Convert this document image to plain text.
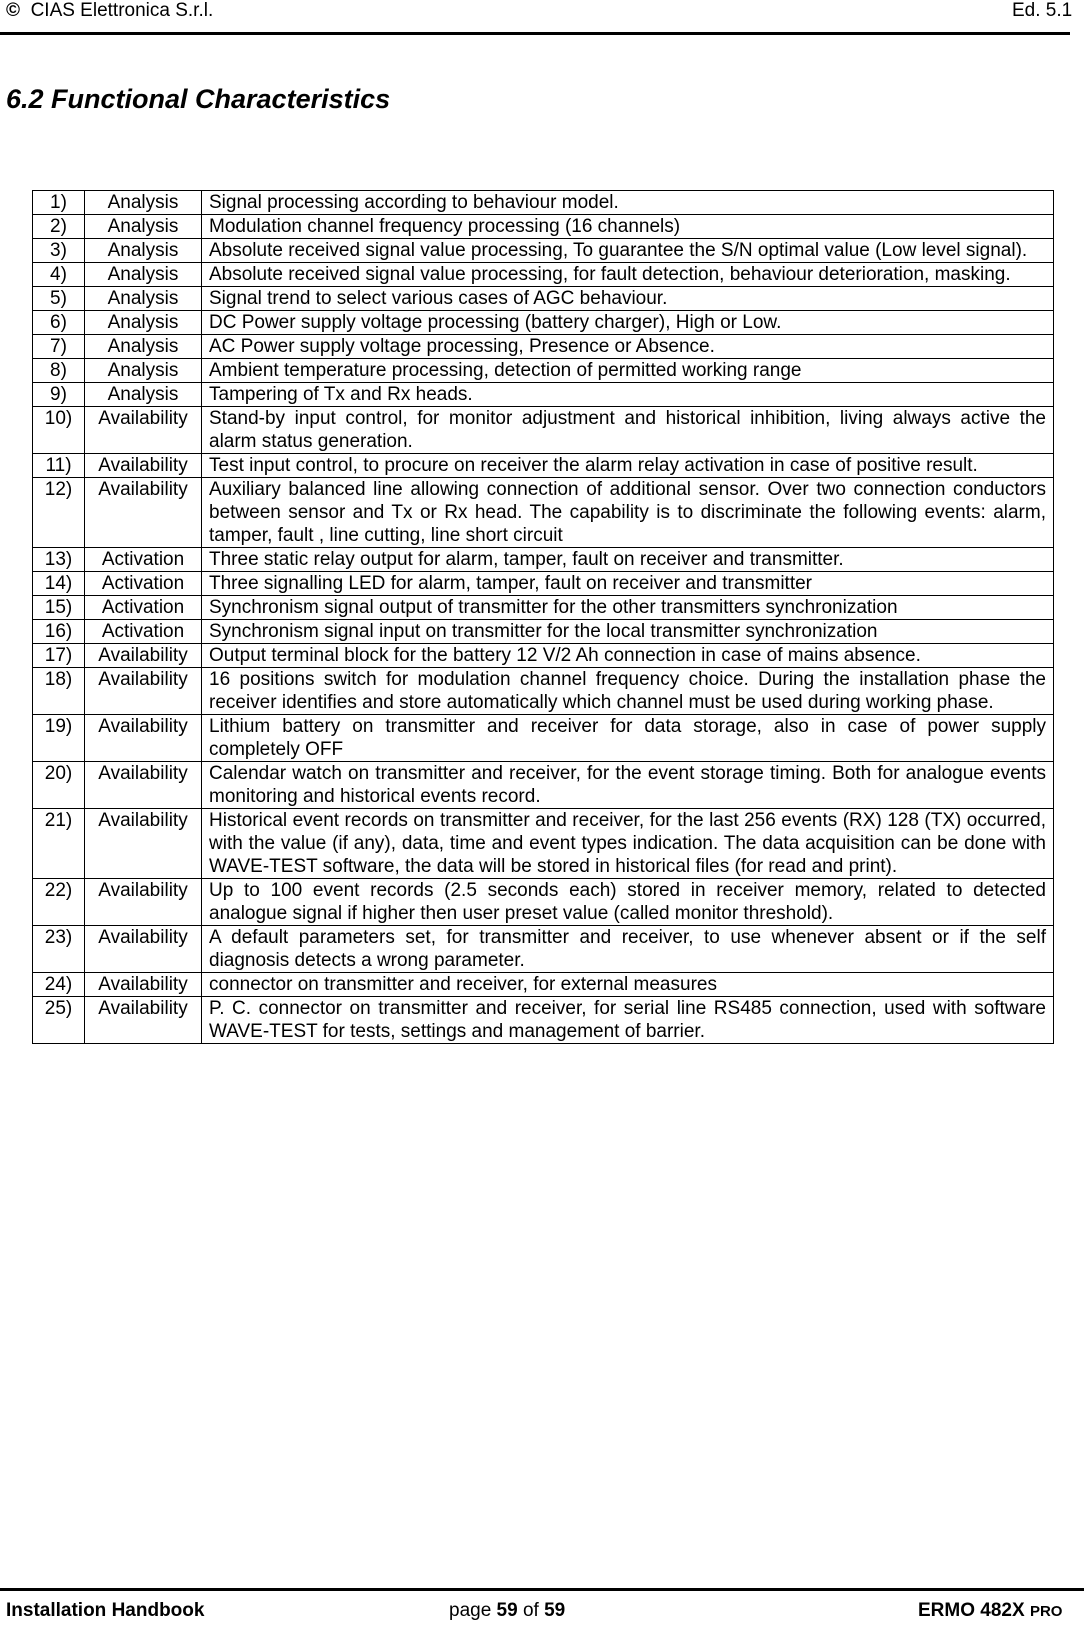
© CIAS Elettronica S.r.l.	Ed. 5.1
6.2 Functional Characteristics
1)	Analysis	Signal processing according to behaviour model.
2)	Analysis	Modulation channel frequency processing (16 channels)
3)	Analysis	Absolute received signal value processing, To guarantee the S/N optimal value (Low level signal).
4)	Analysis	Absolute received signal value processing, for fault detection, behaviour deterioration, masking.
5)	Analysis	Signal trend to select various cases of AGC behaviour.
6)	Analysis	DC Power supply voltage processing (battery charger), High or Low.
7)	Analysis	AC Power supply voltage processing, Presence or Absence.
8)	Analysis	Ambient temperature processing, detection of permitted working range
9)	Analysis	Tampering of Tx and Rx heads.
10)	Availability	Stand-by input control, for monitor adjustment and historical inhibition, living always active the alarm status generation.
11)	Availability	Test input control, to procure on receiver the alarm relay activation in case of positive result.
12)	Availability	Auxiliary balanced line allowing connection of additional sensor. Over two connection conductors between sensor and Tx or Rx head. The capability is to discriminate the following events: alarm, tamper, fault , line cutting, line short circuit
13)	Activation	Three static relay output for alarm, tamper, fault on receiver and transmitter.
14)	Activation	Three signalling LED for alarm, tamper, fault on receiver and transmitter
15)	Activation	Synchronism signal output of transmitter for the other transmitters synchronization
16)	Activation	Synchronism signal input on transmitter for the local transmitter synchronization
17)	Availability	Output terminal block for the battery 12 V/2 Ah connection in case of mains absence.
18)	Availability	16 positions switch for modulation channel frequency choice. During the installation phase the receiver identifies and store automatically which channel must be used during working phase.
19)	Availability	Lithium battery on transmitter and receiver for data storage, also in case of power supply completely OFF
20)	Availability	Calendar watch on transmitter and receiver, for the event storage timing. Both for analogue events monitoring and historical events record.
21)	Availability	Historical event records on transmitter and receiver, for the last 256 events (RX) 128 (TX) occurred, with the value (if any), data, time and event types indication. The data acquisition can be done with WAVE-TEST software, the data will be stored in historical files (for read and print).
22)	Availability	Up to 100 event records (2.5 seconds each) stored in receiver memory, related to detected analogue signal if higher then user preset value (called monitor threshold).
23)	Availability	A default parameters set, for transmitter and receiver, to use whenever absent or if the self diagnosis detects a wrong parameter.
24)	Availability	connector on transmitter and receiver, for external measures
25)	Availability	P. C. connector on transmitter and receiver, for serial line RS485 connection, used with software WAVE-TEST for tests, settings and management of barrier.
Installation Handbook	page 59 of 59	ERMO 482X PRO
